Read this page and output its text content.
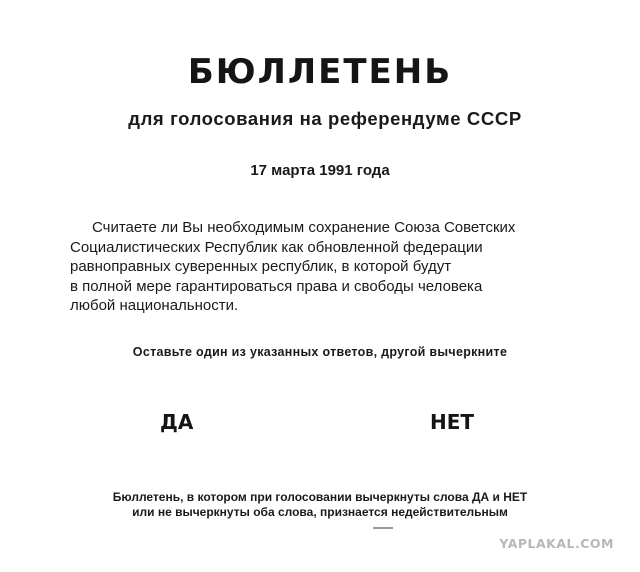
БЮЛЛЕТЕНЬ
для голосования на референдуме СССР
17 марта 1991 года
Считаете ли Вы необходимым сохранение Союза Советских
Социалистических Республик как обновленной федерации
равноправных суверенных республик, в которой будут
в полной мере гарантироваться права и свободы человека
любой национальности.
Оставьте один из указанных ответов, другой вычеркните
ДА	НЕТ
Бюллетень, в котором при голосовании вычеркнуты слова ДА и НЕТ
или не вычеркнуты оба слова, признается недействительным
YAPLAKAL.COM
